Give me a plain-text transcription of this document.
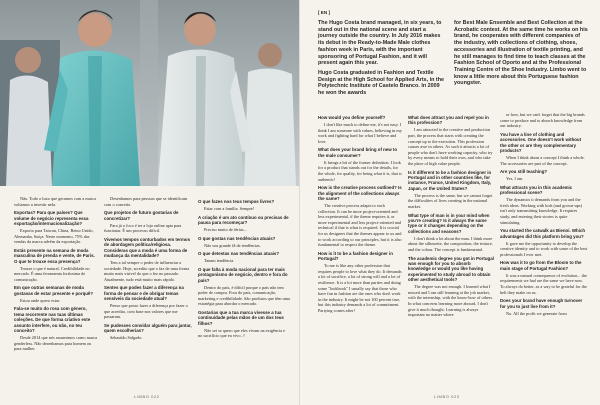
Não. Todo o luxo que geramos com a marca voltamos a investir nela.

Exportas? Para que países? Que volume de negócio representa essa exportação/internacionalização?

Exporto para Taiwan, China, Reino Unido, Alemanha, Suíça. Neste momento, 75% das vendas da marca advêm da exportação.

Estás presente na semana de moda masculina de prenda e vente, de Paris. O que te trouxe essa presença?

Trouxe o que é natural. Credibilidade no mercado. É uma ferramenta fortíssima de comunicação.

Em que outras semanas de moda gostavas de estar presente e porquê?

Estou onde quero estar.

Fala-se muito do rosa com género, tema recorrente nas tuas últimas coleções. De que forma criativo este assunto interfere, ou não, no teu conceito?

Desde 2014 que nós assumimos como marca genderless. Não desenhamos para homem ou para mulher.

Desenhamos para pessoas que se identificam com o conceito.

Que projetos de futuro gostarias de concretizar?

Para já o foco é ter a loja online apta para funcionar. É um processo difícil.

Vivemos tempos conturbados em termos de abordagem política/religiosa. Consideras que a moda é uma forma de mudança da mentalidade?

Tem a tal sempre o poder de influenciar a sociedade. Hoje, acredito que o faz de uma forma muito mais visível do que o fez no passado. Atualmente, tudo está muito mais rápido.

Sentes que podes fazer a diferença na forma de pensar e de obrigar temas sensíveis da sociedade atual?

Penso que posso fazer a diferença por fazer o que acredito, com base nos valores que me passaram.

Se pudesses convidar alguém para jantar, quem escolherias?

Sebastião Salgado.

O que fazes nos teus tempos livres?

Estar com a família. Sempre!

A criação é um ato contínuo ou precisas de pausa para recomeçar?

Preciso muito de férias...

O que gostas nas tendências atuais?

Não sou grande fã de tendências.

O que detestas nas tendências atuais?

Tanam tendência.

O que falta à moda nacional para ter mais protagonismo de negócio, dentro e fora do país?

Dentro do país, é difícil porque o país não tem poder de compra. Fora do país, comunicação, marketing e credibilidade. São produtos que têm uma estratégia para abordar o mercado.

Gostarias que a tua marca vivesse a tua continuidade pelas mãos de um dos teus filhos?

Não sei se quero que eles vivam na exigência e no sacrifício que eu vivo. //

LIMBO 022
[ EN ]

The Hugo Costa brand managed, in six years, to stand out in the national scene and start a journey outside the country. In July 2016 makes its debut in the Ready-to-Made Male clothes fashion week in Paris, with the important sponsoring of Portugal Fashion, and it will present again this year.

Hugo Costa graduated in Fashion and Textile Design at the High School for Applied Arts, in the Polytechnic Institute of Castelo Branco. In 2009 he won the awards

for Best Male Ensemble and Best Collection at the Acrobatic contest. At the same time he works on his brand, he cooperates with different companies of the industry, with collections of clothing, shoes, accessories and illustration of textile printing, and he still manages to find time to teach classes at the Fashion School of Oporto and at the Professional Training Centre of the Shoe Industry. Limbo went to know a little more about this Portuguese fashion youngster.

How would you define yourself?

I don't like much to define me, it's not easy. I think I am someone with values, believing in my work and fighting hard for what I believe and love.

What does your brand bring of new to the male consumer?

It brings a bit of the former definition. I look for a product that stands out for the details, for the whole, for quality, for being what it is, that is authentic!

How is the creative process outlined? Is the alignment of the collections always the same?

The creative process adapts to each collection. It can be more project-oriented and less experimental, if the theme requires it, or more experimental and less project-oriented and technical if that is what is required. It is crucial for us designers that the themes appear to us and to work according to our principles, but it is also fundamental to respect the theme.

How is it to be a fashion designer in Portugal?

To me is like any other profession that requires people to love what they do. It demands a lot of sacrifice, a lot of strong will and a lot of resilience. It is a lot more than parties and doing some "lookbook" I usually say that those who have fun in fashion are the ones who don't work in the industry. It might be not 100 percent true, but this industry demands a lot of commitment. Partying comes after!

What does attract you and repel you in this profession?

I am attracted to the creative and production part, the process that starts with creating the concept up to the execution. This profession causes awe in others. As such it attracts a lot of people who don't have working capacity, who try by every means to hold their own, and who take the place of high value people.

Is it different to be a fashion designer in Portugal and in other countries like, for instance, France, United Kingdom, Italy, Japan, or the United States?

The process is the same, but we cannot forget the difficulties of lives creating in the national market.

What type of man is in your mind when you're creating? Is it always the same type or it changes depending on the collections and seasons?

I don't think a lot about the man. I think more about the silhouette, the composition, the texture, and the colour. The concept is fundamental.

The academic degree you got in Portugal was enough for you to absorb knowledge or would you like having experimented to study abroad to obtain other aesthetical tools?

The degree was not enough. I learned what I missed and I am still learning at the job market, with the internship, with the know-how of others. In what concerns learning more abroad, I don't give it much thought. Learning is always important no matter where

or how, but we can't forget that the big brands come to produce and to absorb knowledge from our industry.

You have a line of clothing and accessories. One doesn't work without the other or are they complementary products?

When I think about a concept I think a whole. The accessories are part of the concept.

Are you still teaching?

Yes, I am.

What attracts you in this academic professional scene?

The dynamics it demands from you and the fresh ideas. Working with kids (and grown-ups) isn't only transmitting knowledge. It requires study, and entering their stories is quite stimulating.

You started the catwalk as Bienni. Which advantages did this platform bring you?

It gave me the opportunity to develop the creative identity and to work with some of the best professionals I ever met.

How was it to go from the Bloom to the main stage of Portugal Fashion?

It was a natural consequence of evolution... the requirements we had are the same we have now. To always do better, as a way to be grateful for the belt they make on us.

Does your brand have enough turnover for you to just live from it?

No. All the profit we generate from

LIMBO 023
